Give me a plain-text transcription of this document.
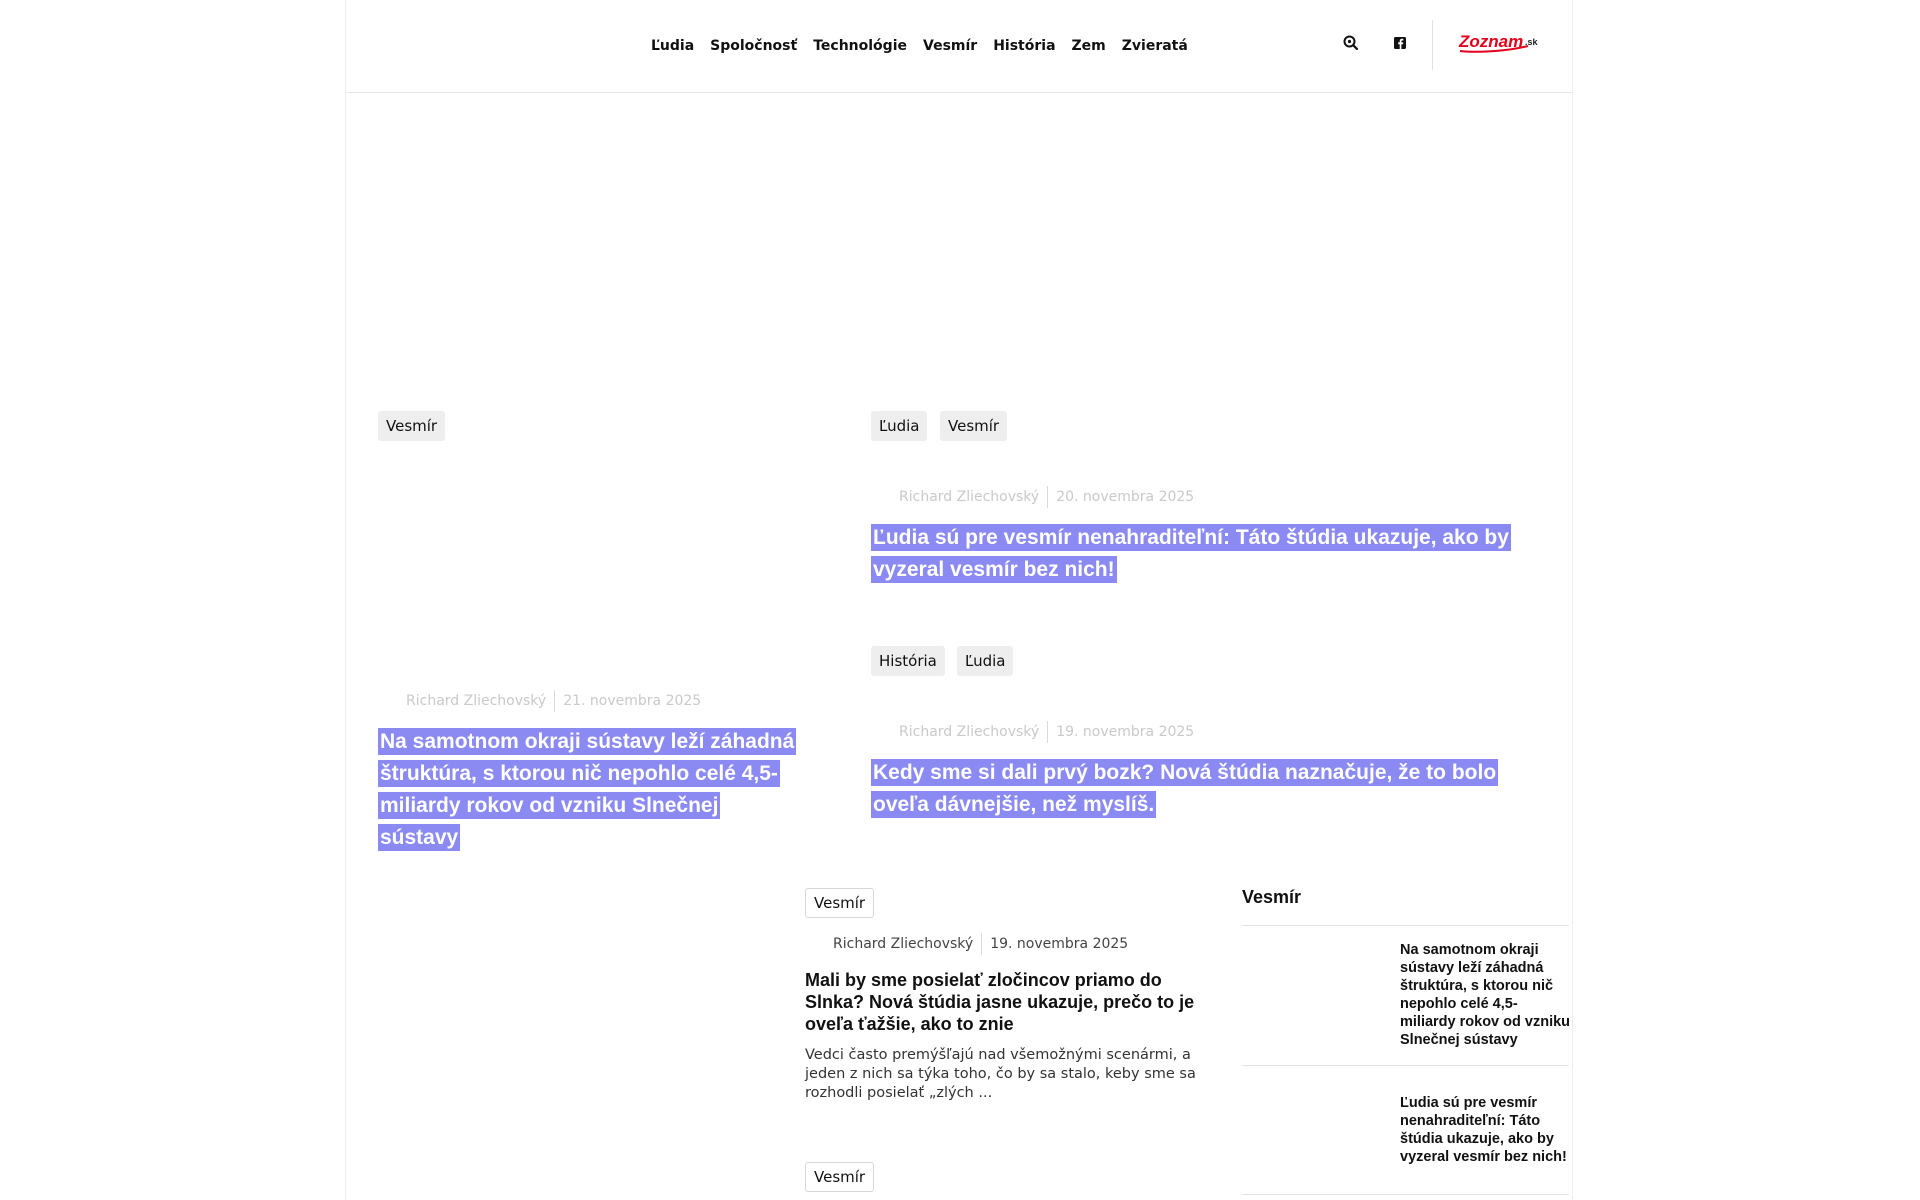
Ľudia	Spoločnosť	Technológie	Vesmír	História	Zem	Zvieratá	Zoznam .sk
Vesmír
Richard Zliechovský 21. novembra 2025
Na samotnom okraji sústavy leží záhadná štruktúra, s ktorou nič nepohlo celé 4,5-miliardy rokov od vzniku Slnečnej sústavy
Ľudia	Vesmír
Richard Zliechovský 20. novembra 2025
Ľudia sú pre vesmír nenahraditeľní: Táto štúdia ukazuje, ako by vyzeral vesmír bez nich!
História	Ľudia
Richard Zliechovský 19. novembra 2025
Kedy sme si dali prvý bozk? Nová štúdia naznačuje, že to bolo oveľa dávnejšie, než myslíš.
Vesmír
Richard Zliechovský 19. novembra 2025
Mali by sme posielať zločincov priamo do Slnka? Nová štúdia jasne ukazuje, prečo to je oveľa ťažšie, ako to znie
Vedci často premýšľajú nad všemožnými scenármi, a jeden z nich sa týka toho, čo by sa stalo, keby sme sa rozhodli posielať „zlých ...
Vesmír
Vesmír
Na samotnom okraji sústavy leží záhadná štruktúra, s ktorou nič nepohlo celé 4,5-miliardy rokov od vzniku Slnečnej sústavy
Ľudia sú pre vesmír nenahraditeľní: Táto štúdia ukazuje, ako by vyzeral vesmír bez nich!
